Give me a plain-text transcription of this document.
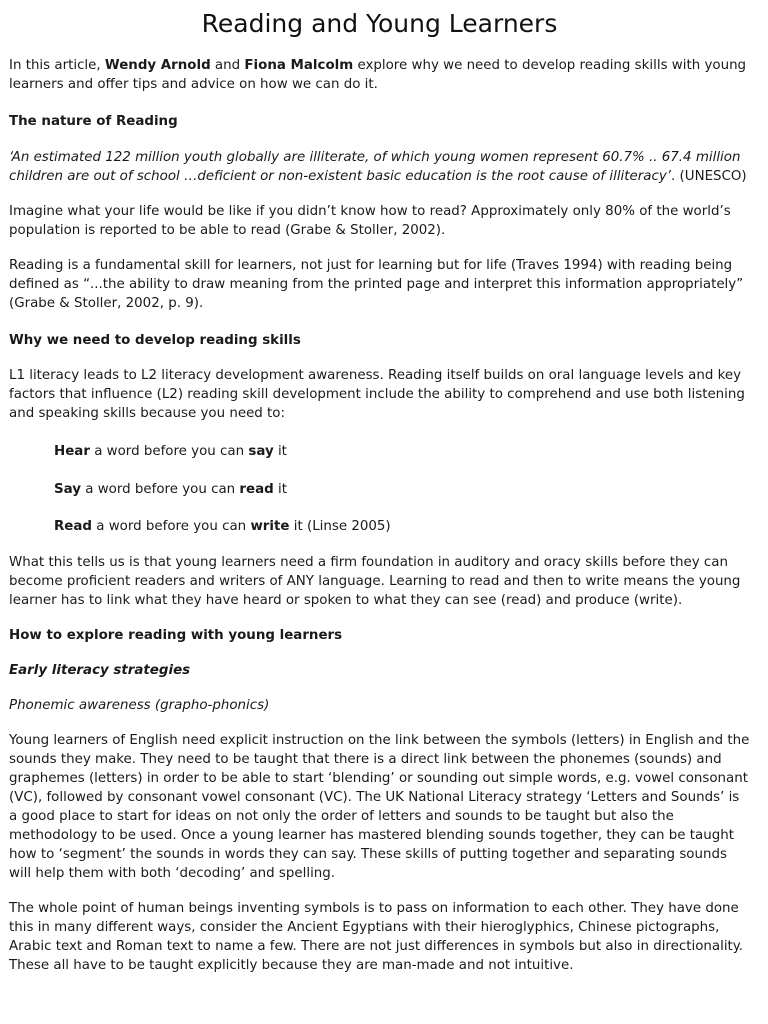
Reading and Young Learners

In this article, Wendy Arnold and Fiona Malcolm explore why we need to develop reading skills with young learners and offer tips and advice on how we can do it.

The nature of Reading

‘An estimated 122 million youth globally are illiterate, of which young women represent 60.7% .. 67.4 million children are out of school …deficient or non-existent basic education is the root cause of illiteracy’. (UNESCO)

Imagine what your life would be like if you didn’t know how to read? Approximately only 80% of the world’s population is reported to be able to read (Grabe & Stoller, 2002).

Reading is a fundamental skill for learners, not just for learning but for life (Traves 1994) with reading being defined as “...the ability to draw meaning from the printed page and interpret this information appropriately” (Grabe & Stoller, 2002, p. 9).

Why we need to develop reading skills

L1 literacy leads to L2 literacy development awareness. Reading itself builds on oral language levels and key factors that influence (L2) reading skill development include the ability to comprehend and use both listening and speaking skills because you need to:

Hear a word before you can say it

Say a word before you can read it

Read a word before you can write it (Linse 2005)

What this tells us is that young learners need a firm foundation in auditory and oracy skills before they can become proficient readers and writers of ANY language. Learning to read and then to write means the young learner has to link what they have heard or spoken to what they can see (read) and produce (write).

How to explore reading with young learners

Early literacy strategies

Phonemic awareness (grapho-phonics)

Young learners of English need explicit instruction on the link between the symbols (letters) in English and the sounds they make. They need to be taught that there is a direct link between the phonemes (sounds) and graphemes (letters) in order to be able to start ‘blending’ or sounding out simple words, e.g. vowel consonant (VC), followed by consonant vowel consonant (VC). The UK National Literacy strategy ‘Letters and Sounds’ is a good place to start for ideas on not only the order of letters and sounds to be taught but also the methodology to be used. Once a young learner has mastered blending sounds together, they can be taught how to ‘segment’ the sounds in words they can say. These skills of putting together and separating sounds will help them with both ‘decoding’ and spelling.

The whole point of human beings inventing symbols is to pass on information to each other. They have done this in many different ways, consider the Ancient Egyptians with their hieroglyphics, Chinese pictographs, Arabic text and Roman text to name a few. There are not just differences in symbols but also in directionality. These all have to be taught explicitly because they are man-made and not intuitive.
